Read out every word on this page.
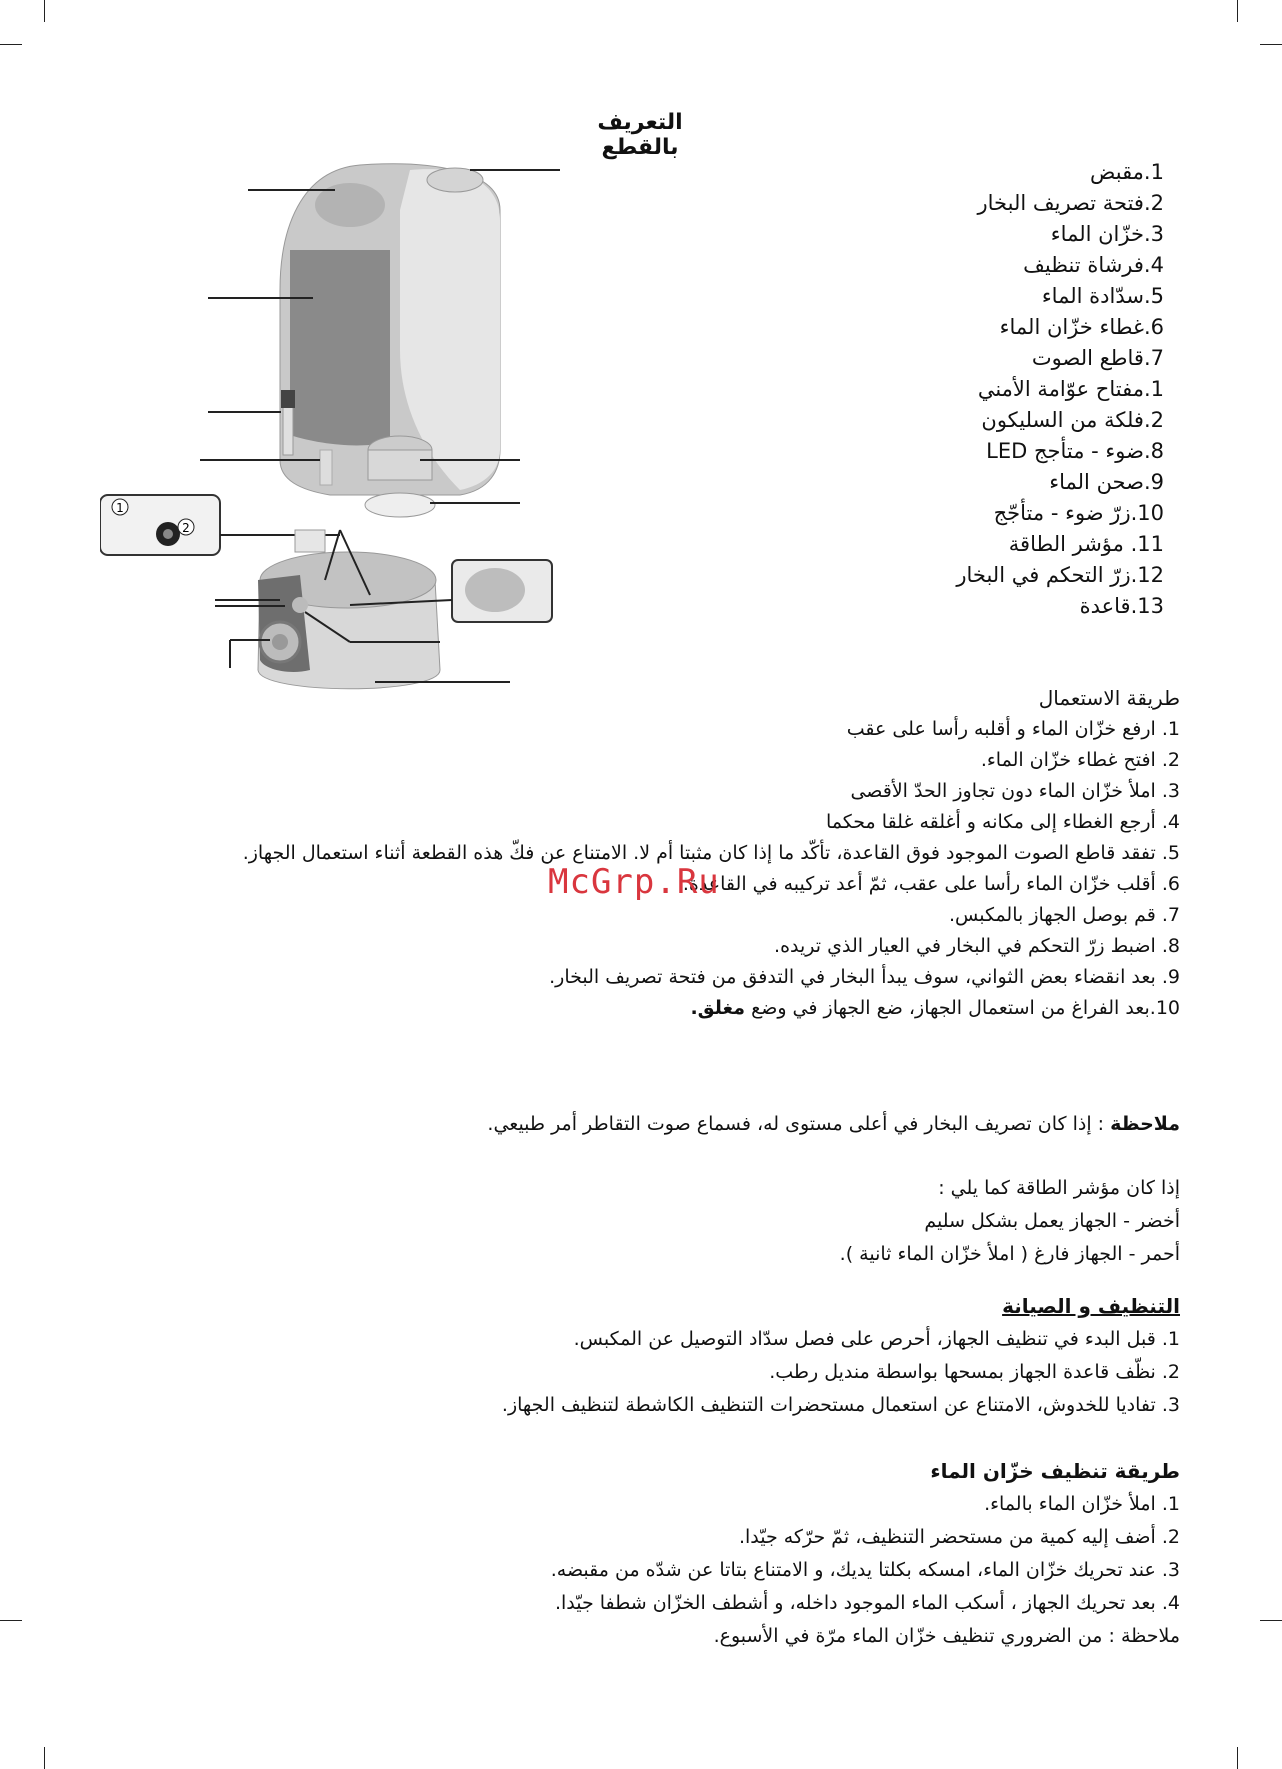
التعريف بالقطع
1
2
1.مقبض
2.فتحة تصريف البخار
3.خزّان الماء
4.فرشاة تنظيف
5.سدّادة الماء
6.غطاء خزّان الماء
7.قاطع الصوت
1.مفتاح عوّامة الأمني
2.فلكة من السليكون
8.ضوء - متأجج LED
9.صحن الماء
10.زرّ ضوء - متأجّج
11. مؤشر الطاقة
12.زرّ التحكم في البخار
13.قاعدة
طريقة الاستعمال
1. ارفع خزّان الماء و أقلبه رأسا على عقب
2. افتح غطاء خزّان الماء.
3. املأ خزّان الماء دون تجاوز الحدّ الأقصى
4. أرجع الغطاء إلى مكانه و أغلقه غلقا محكما
5. تفقد قاطع الصوت الموجود فوق القاعدة، تأكّد ما إذا كان مثبتا أم لا. الامتناع عن فكّ هذه القطعة أثناء استعمال الجهاز.
6. أقلب خزّان الماء رأسا على عقب، ثمّ أعد تركيبه في القاعدة.
7. قم بوصل الجهاز بالمكبس.
8. اضبط زرّ التحكم في البخار في العيار الذي تريده.
9. بعد انقضاء بعض الثواني، سوف يبدأ البخار في التدفق من فتحة تصريف البخار.
10.بعد الفراغ من استعمال الجهاز، ضع الجهاز في وضع مغلق.
McGrp.Ru
ملاحظة : إذا كان تصريف البخار في أعلى مستوى له، فسماع صوت التقاطر أمر طبيعي.
إذا كان مؤشر الطاقة كما يلي :
أخضر - الجهاز يعمل بشكل سليم
أحمر - الجهاز فارغ ( املأ خزّان الماء ثانية ).
التنظيف و الصيانة
1. قبل البدء في تنظيف الجهاز، أحرص على فصل سدّاد التوصيل عن المكبس.
2. نظّف قاعدة الجهاز بمسحها بواسطة منديل رطب.
3. تفاديا للخدوش، الامتناع عن استعمال مستحضرات التنظيف الكاشطة لتنظيف الجهاز.
طريقة تنظيف خزّان الماء
1. املأ خزّان الماء بالماء.
2. أضف إليه كمية من مستحضر التنظيف، ثمّ حرّكه جيّدا.
3. عند تحريك خزّان الماء، امسكه بكلتا يديك، و الامتناع بتاتا عن شدّه من مقبضه.
4. بعد تحريك الجهاز ، أسكب الماء الموجود داخله، و أشطف الخزّان شطفا جيّدا.
ملاحظة : من الضروري تنظيف خزّان الماء مرّة في الأسبوع.
